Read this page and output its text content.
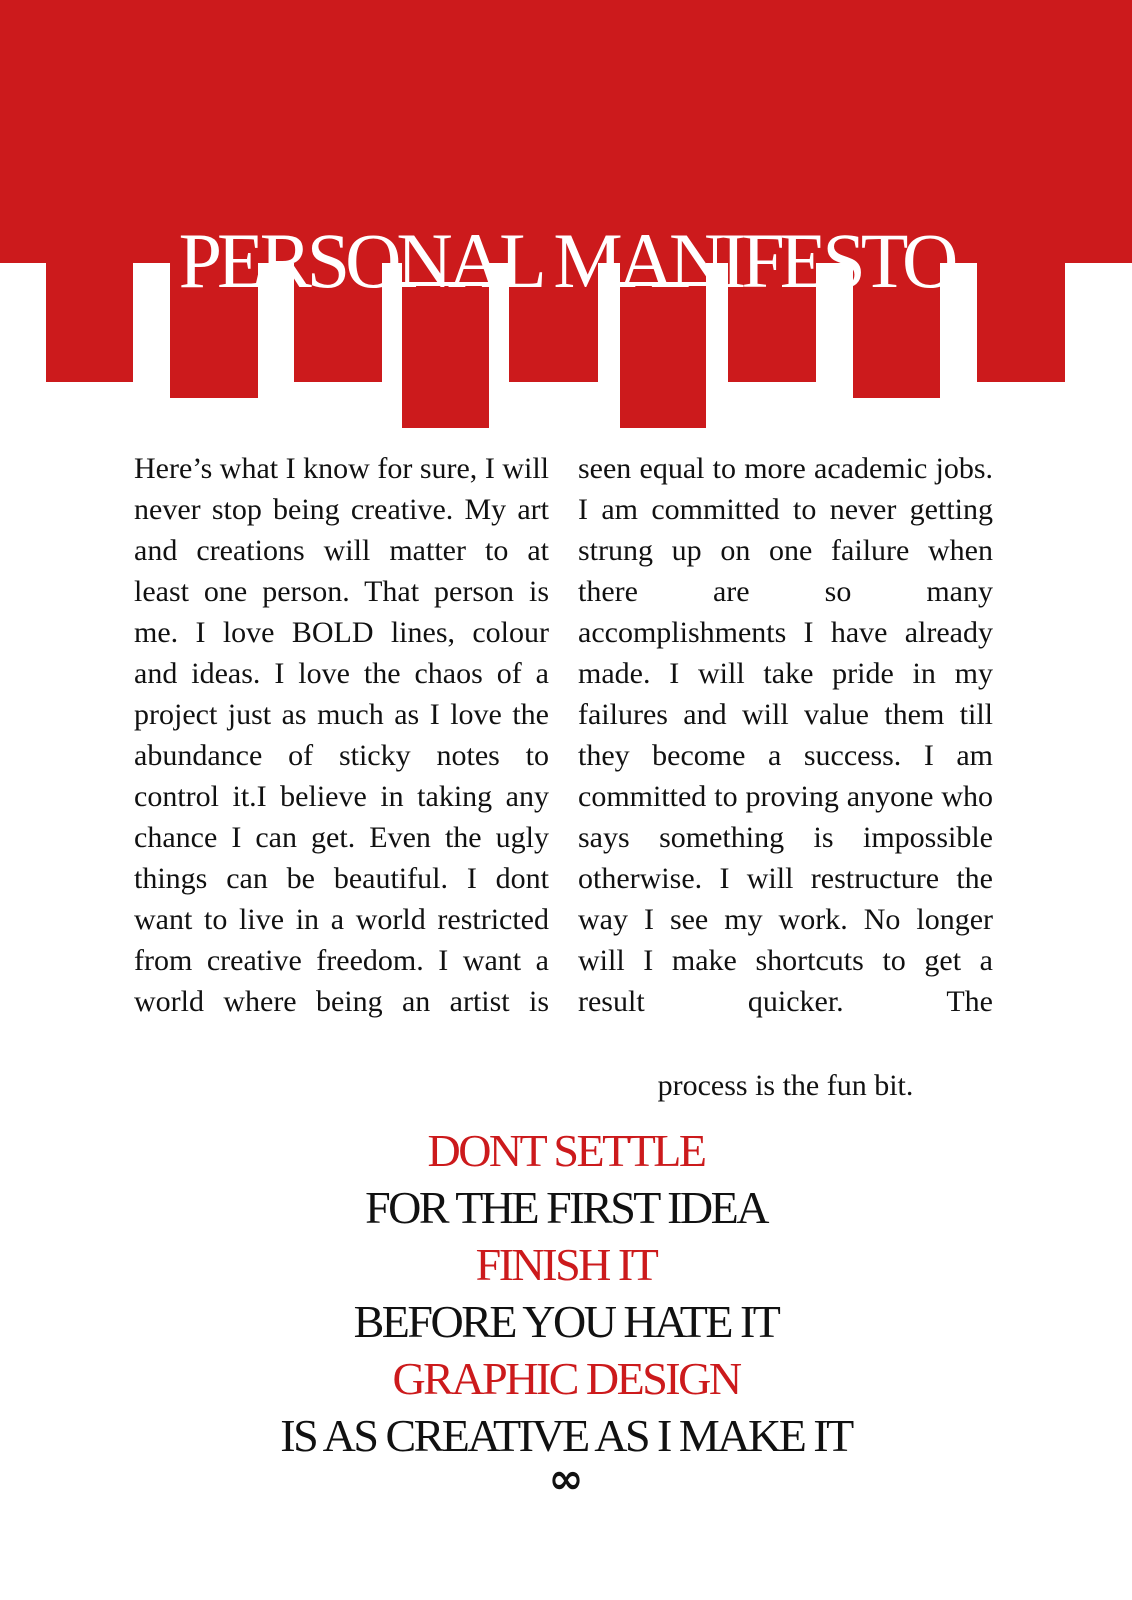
PERSONAL MANIFESTO
Here’s what I know for sure, I will never stop being creative. My art and creations will matter to at least one person. That person is me. I love BOLD lines, colour and ideas. I love the chaos of a project just as much as I love the abundance of sticky notes to control it.I believe in taking any chance I can get. Even the ugly things can be beautiful. I dont want to live in a world restricted from creative freedom. I want a world where being an artist is
seen equal to more academic jobs. I am committed to never getting strung up on one failure when there are so many accomplishments I have already made. I will take pride in my failures and will value them till they become a success. I am committed to proving anyone who says something is impossible otherwise. I will restructure the way I see my work. No longer will I make shortcuts to get a result quicker. The
process is the fun bit.
DONT SETTLE
FOR THE FIRST IDEA
FINISH IT
BEFORE YOU HATE IT
GRAPHIC DESIGN
IS AS CREATIVE AS I MAKE IT
∞
